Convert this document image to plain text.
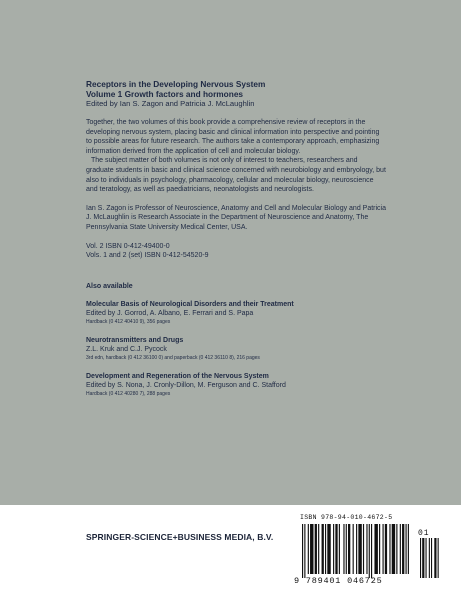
Receptors in the Developing Nervous System
Volume 1 Growth factors and hormones
Edited by Ian S. Zagon and Patricia J. McLaughlin

Together, the two volumes of this book provide a comprehensive review of receptors in the developing nervous system, placing basic and clinical information into perspective and pointing to possible areas for future research. The authors take a contemporary approach, emphasizing information derived from the application of cell and molecular biology.

The subject matter of both volumes is not only of interest to teachers, researchers and graduate students in basic and clinical science concerned with neurobiology and embryology, but also to individuals in psychology, pharmacology, cellular and molecular biology, neuroscience and teratology, as well as paediatricians, neonatologists and neurologists.

Ian S. Zagon is Professor of Neuroscience, Anatomy and Cell and Molecular Biology and Patricia J. McLaughlin is Research Associate in the Department of Neuroscience and Anatomy, The Pennsylvania State University Medical Center, USA.

Vol. 2 ISBN 0-412-49400-0
Vols. 1 and 2 (set) ISBN 0-412-54520-9
Also available
Molecular Basis of Neurological Disorders and their Treatment
Edited by J. Gorrod, A. Albano, E. Ferrari and S. Papa
Hardback (0 412 40410 9), 356 pages
Neurotransmitters and Drugs
Z.L. Kruk and C.J. Pycock
3rd edn, hardback (0 412 36100 0) and paperback (0 412 36110 8), 216 pages
Development and Regeneration of the Nervous System
Edited by S. Nona, J. Cronly-Dillon, M. Ferguson and C. Stafford
Hardback (0 412 40280 7), 288 pages
SPRINGER-SCIENCE+BUSINESS MEDIA, B.V.
ISBN 978-94-010-4672-5
9 789401 046725
01
